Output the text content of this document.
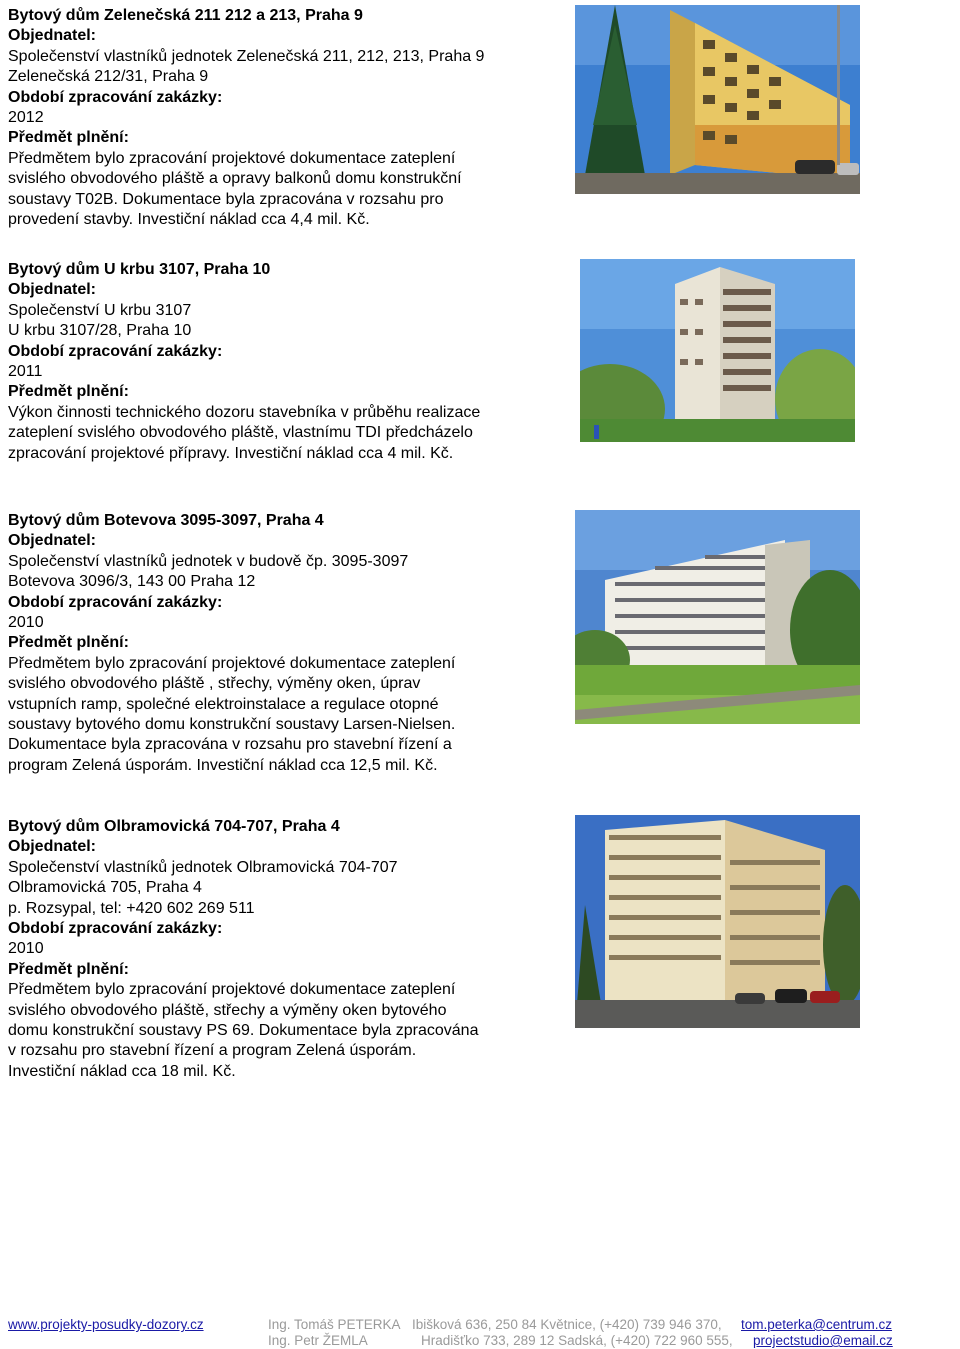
Bytový dům Zelenečská 211 212 a 213, Praha 9
Objednatel:
Společenství vlastníků jednotek Zelenečská 211, 212, 213, Praha 9
Zelenečská 212/31, Praha 9
Období zpracování zakázky:
2012
Předmět plnění:
Předmětem bylo zpracování projektové dokumentace zateplení
svislého obvodového pláště a opravy balkonů domu konstrukční
soustavy T02B. Dokumentace byla zpracována v rozsahu pro
provedení stavby. Investiční náklad cca 4,4 mil. Kč.
Bytový dům U krbu 3107, Praha 10
Objednatel:
Společenství U krbu 3107
U krbu 3107/28, Praha 10
Období zpracování zakázky:
2011
Předmět plnění:
Výkon činnosti technického dozoru stavebníka v průběhu realizace
zateplení svislého obvodového pláště, vlastnímu TDI předcházelo
zpracování projektové přípravy. Investiční náklad cca 4 mil. Kč.
Bytový dům Botevova 3095-3097, Praha 4
Objednatel:
Společenství vlastníků jednotek v budově čp. 3095-3097
Botevova 3096/3, 143 00 Praha 12
Období zpracování zakázky:
2010
Předmět plnění:
Předmětem bylo zpracování projektové dokumentace zateplení
svislého obvodového pláště , střechy, výměny oken, úprav
vstupních ramp, společné elektroinstalace a regulace otopné
soustavy bytového domu konstrukční soustavy Larsen-Nielsen.
Dokumentace byla zpracována v rozsahu pro stavební řízení a
program Zelená úsporám. Investiční náklad cca 12,5 mil. Kč.
Bytový dům Olbramovická 704-707, Praha 4
Objednatel:
Společenství vlastníků jednotek Olbramovická 704-707
Olbramovická 705, Praha 4
p. Rozsypal, tel: +420 602 269 511
Období zpracování zakázky:
2010
Předmět plnění:
Předmětem bylo zpracování projektové dokumentace zateplení
svislého obvodového pláště, střechy a výměny oken bytového
domu konstrukční soustavy PS 69. Dokumentace byla zpracována
v rozsahu pro stavební řízení a program Zelená úsporám.
Investiční náklad cca 18 mil. Kč.
www.projekty-posudky-dozory.cz	Ing. Tomáš PETERKA Ibišková 636, 250 84 Květnice, (+420) 739 946 370, tom.peterka@centrum.cz
Ing. Petr ŽEMLA	Hradišťko 733, 289 12 Sadská, (+420) 722 960 555, projectstudio@email.cz
